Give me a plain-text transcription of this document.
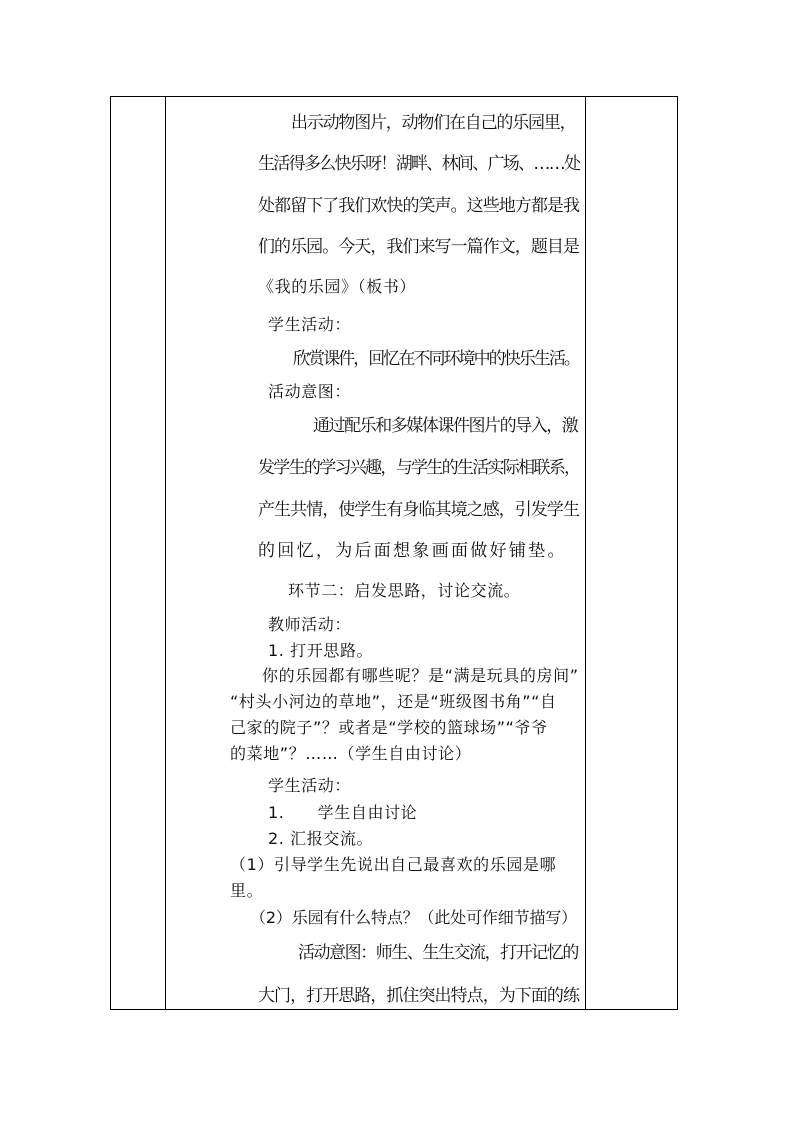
出示动物图片，动物们在自己的乐园里，
生活得多么快乐呀！湖畔、林间、广场、……处
处都留下了我们欢快的笑声。这些地方都是我
们的乐园。今天，我们来写一篇作文，题目是
《我的乐园》（板书）
学生活动：
欣赏课件，回忆在不同环境中的快乐生活。
活动意图：
通过配乐和多媒体课件图片的导入，激
发学生的学习兴趣，与学生的生活实际相联系，
产生共情，使学生有身临其境之感，引发学生
的回忆，为后面想象画面做好铺垫。
环节二：启发思路，讨论交流。
教师活动：
1. 打开思路。
你的乐园都有哪些呢？是“满是玩具的房间”
“村头小河边的草地”，还是“班级图书角”“自
己家的院子”？或者是“学校的篮球场”“爷爷
的菜地”？……（学生自由讨论）
学生活动：
1.　　学生自由讨论
2. 汇报交流。
（1）引导学生先说出自己最喜欢的乐园是哪
里。
（2）乐园有什么特点？（此处可作细节描写）
活动意图：师生、生生交流，打开记忆的
大门，打开思路，抓住突出特点，为下面的练
